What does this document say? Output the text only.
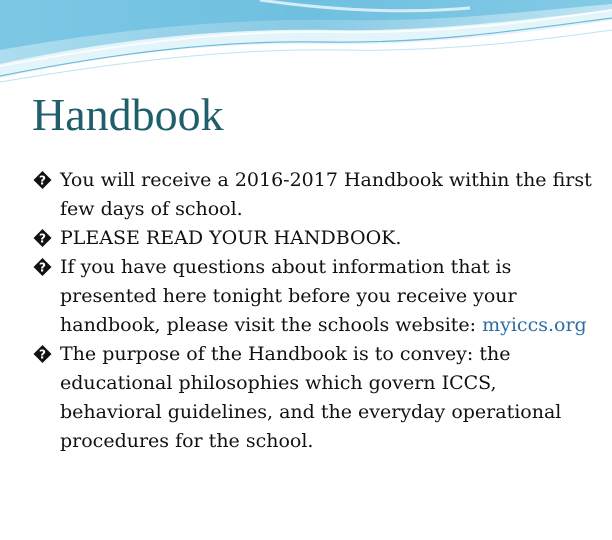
Handbook
? You will receive a 2016-2017 Handbook within the first few days of school.
? PLEASE READ YOUR HANDBOOK.
? If you have questions about information that is presented here tonight before you receive your handbook, please visit the schools website: myiccs.org
? The purpose of the Handbook is to convey: the educational philosophies which govern ICCS, behavioral guidelines, and the everyday operational procedures for the school.
